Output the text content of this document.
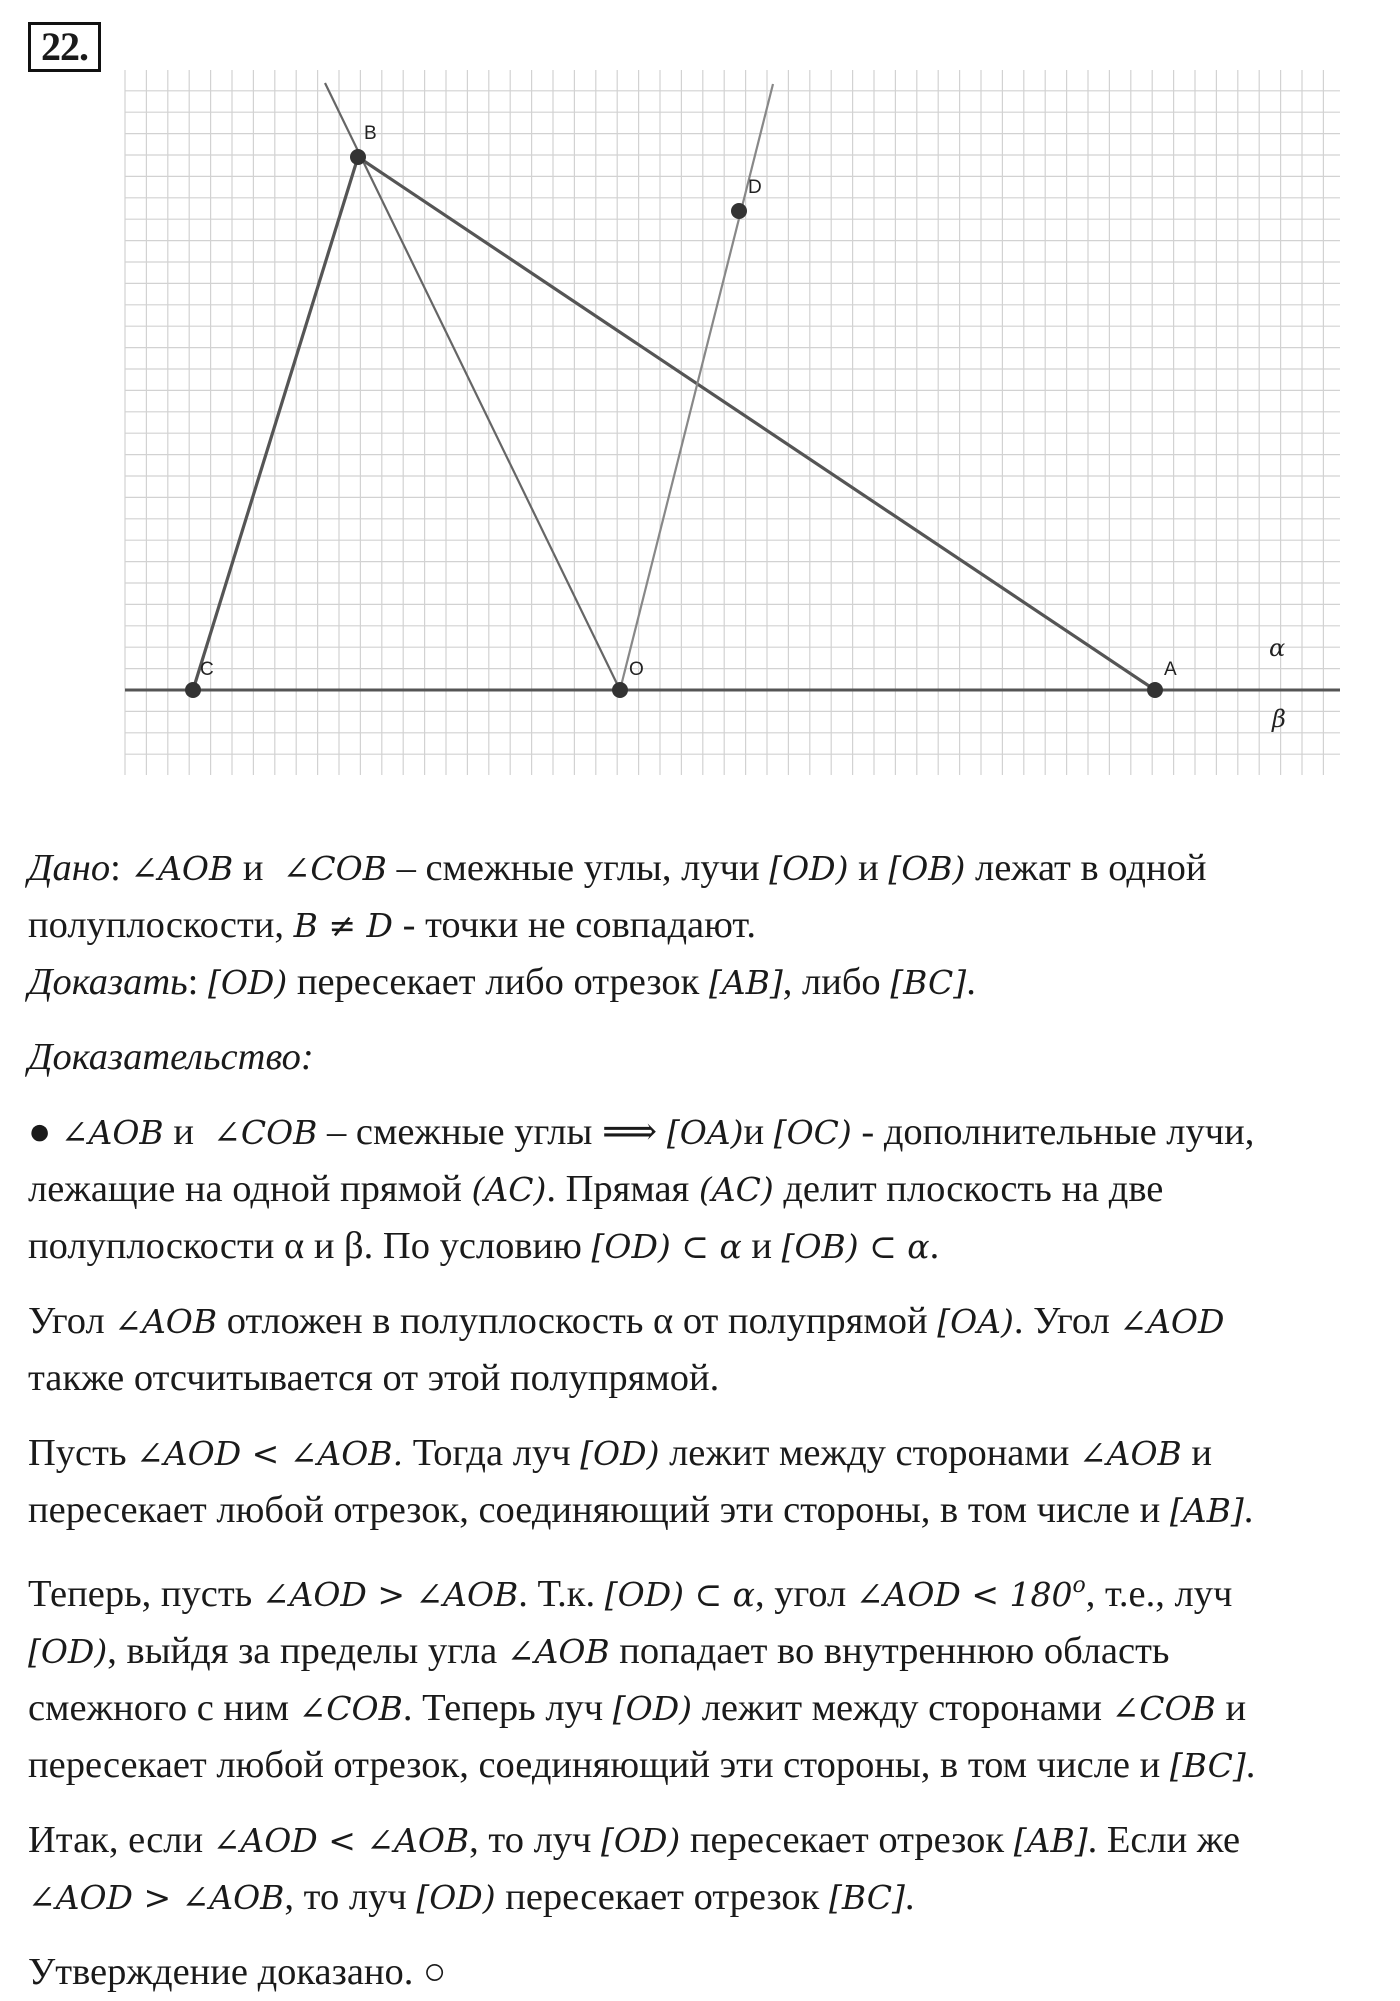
22.
B
D
C	O	A
α
β

Дано: ∠AOB и  ∠COB – смежные углы, лучи [OD) и [OB) лежат в одной

полуплоскости, B ≠ D - точки не совпадают.

Доказать: [OD) пересекает либо отрезок [AB], либо [BC].

Доказательство:

● ∠AOB и  ∠COB – смежные углы ⟹ [OA)и [OC) - дополнительные лучи,
лежащие на одной прямой (AC). Прямая (AC) делит плоскость на две
полуплоскости α и β. По условию [OD) ⊂ α и [OB) ⊂ α.

Угол ∠AOB отложен в полуплоскость α от полупрямой [OA). Угол ∠AOD
также отсчитывается от этой полупрямой.

Пусть ∠AOD < ∠AOB. Тогда луч [OD) лежит между сторонами ∠AOB и
пересекает любой отрезок, соединяющий эти стороны, в том числе и [AB].

Теперь, пусть ∠AOD > ∠AOB. Т.к. [OD) ⊂ α, угол ∠AOD < $180^o$, т.е., луч
[OD), выйдя за пределы угла ∠AOB попадает во внутреннюю область
смежного с ним ∠COB. Теперь луч [OD) лежит между сторонами ∠COB и
пересекает любой отрезок, соединяющий эти стороны, в том числе и [BC].

Итак, если ∠AOD < ∠AOB, то луч [OD) пересекает отрезок [AB]. Если же
∠AOD > ∠AOB, то луч [OD) пересекает отрезок [BC].

Утверждение доказано. ○
